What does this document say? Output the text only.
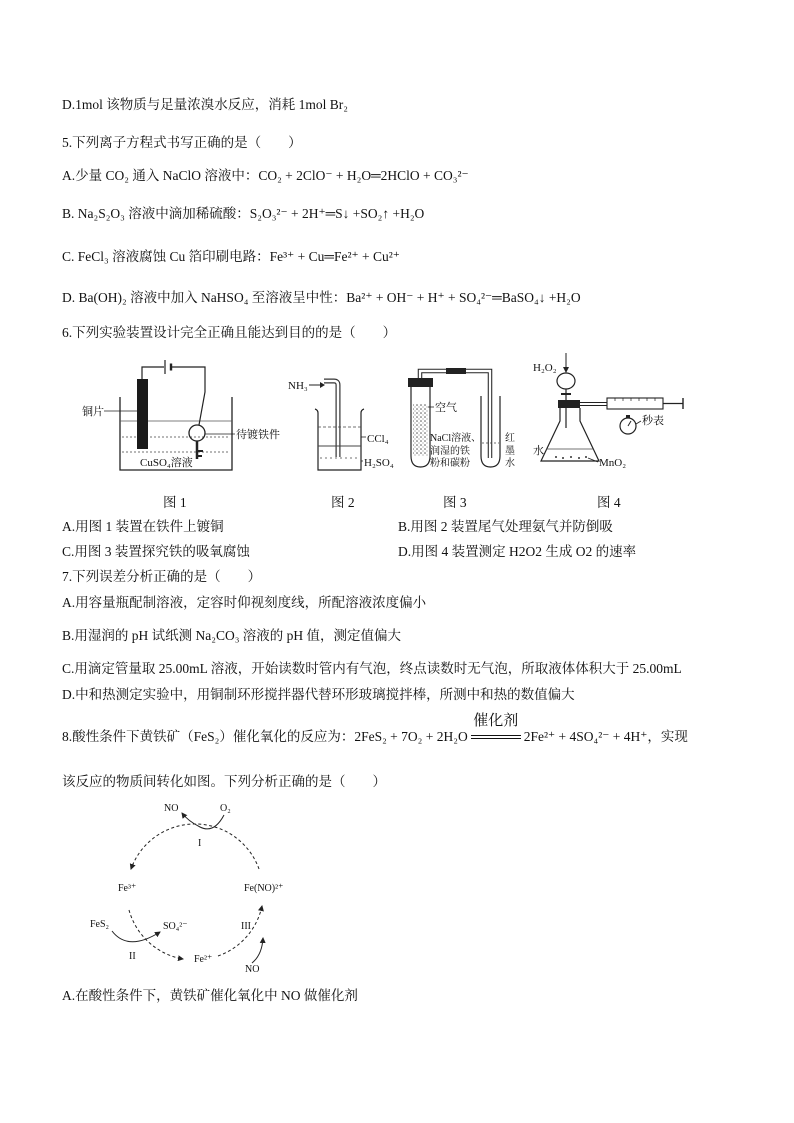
D.1mol 该物质与足量浓溴水反应，消耗 1mol Br₂
5.下列离子方程式书写正确的是（　　）
A.少量 CO₂ 通入 NaClO 溶液中：CO₂ + 2ClO⁻ + H₂O═2HClO + CO₃²⁻
B. Na₂S₂O₃ 溶液中滴加稀硫酸：S₂O₃²⁻ + 2H⁺═S↓ +SO₂↑ +H₂O
C. FeCl₃ 溶液腐蚀 Cu 箔印刷电路：Fe³⁺ + Cu═Fe²⁺ + Cu²⁺
D. Ba(OH)₂ 溶液中加入 NaHSO₄ 至溶液呈中性：Ba²⁺ + OH⁻ + H⁺ + SO₄²⁻═BaSO₄↓ +H₂O
6.下列实验装置设计完全正确且能达到目的的是（　　）
铜片
待镀铁件
CuSO₄溶液
NH₃
CCl₄
H₂SO₄
空气
NaCl溶液、
润湿的铁
粉和碳粉
红
墨
水
H₂O₂
秒表
水
MnO₂
图 1	图 2	图 3	图 4
A.用图 1 装置在铁件上镀铜	B.用图 2 装置尾气处理氨气并防倒吸
C.用图 3 装置探究铁的吸氧腐蚀	D.用图 4 装置测定 H2O2 生成 O2 的速率
7.下列误差分析正确的是（　　）
A.用容量瓶配制溶液，定容时仰视刻度线，所配溶液浓度偏小
B.用湿润的 pH 试纸测 Na₂CO₃ 溶液的 pH 值，测定值偏大
C.用滴定管量取 25.00mL 溶液，开始读数时管内有气泡，终点读数时无气泡，所取液体体积大于 25.00mL
D.中和热测定实验中，用铜制环形搅拌器代替环形玻璃搅拌棒，所测中和热的数值偏大
8.酸性条件下黄铁矿（FeS₂）催化氧化的反应为：2FeS₂ + 7O₂ + 2H₂O
催化剂
2Fe²⁺ + 4SO₄²⁻ + 4H⁺，实现
该反应的物质间转化如图。下列分析正确的是（　　）
NO	O₂
I
Fe³⁺	Fe(NO)²⁺
FeS₂	SO₄²⁻	III
II	Fe²⁺
NO
A.在酸性条件下，黄铁矿催化氧化中 NO 做催化剂
